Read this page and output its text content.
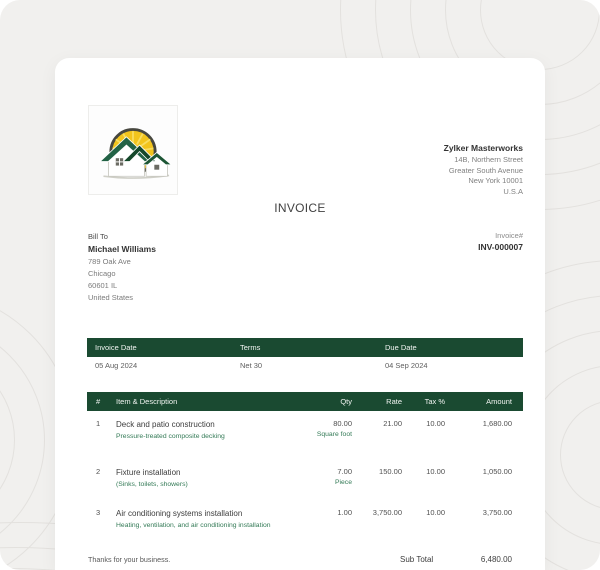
Zylker Masterworks
14B, Northern Street
Greater South Avenue
New York 10001
U.S.A
INVOICE
Bill To
Michael Williams
789 Oak Ave
Chicago
60601 IL
United States
Invoice#
INV-000007
Invoice Date	Terms	Due Date
05 Aug 2024	Net 30	04 Sep 2024
#	Item & Description	Qty	Rate	Tax %	Amount
1	Deck and patio construction
Pressure-treated composite decking
80.00
Square foot
21.00	10.00	1,680.00
2	Fixture installation
(Sinks, toilets, showers)
7.00
Piece
150.00	10.00	1,050.00
3	Air conditioning systems installation
Heating, ventilation, and air conditioning installation
1.00	3,750.00	10.00	3,750.00
Thanks for your business.	Sub Total	6,480.00
